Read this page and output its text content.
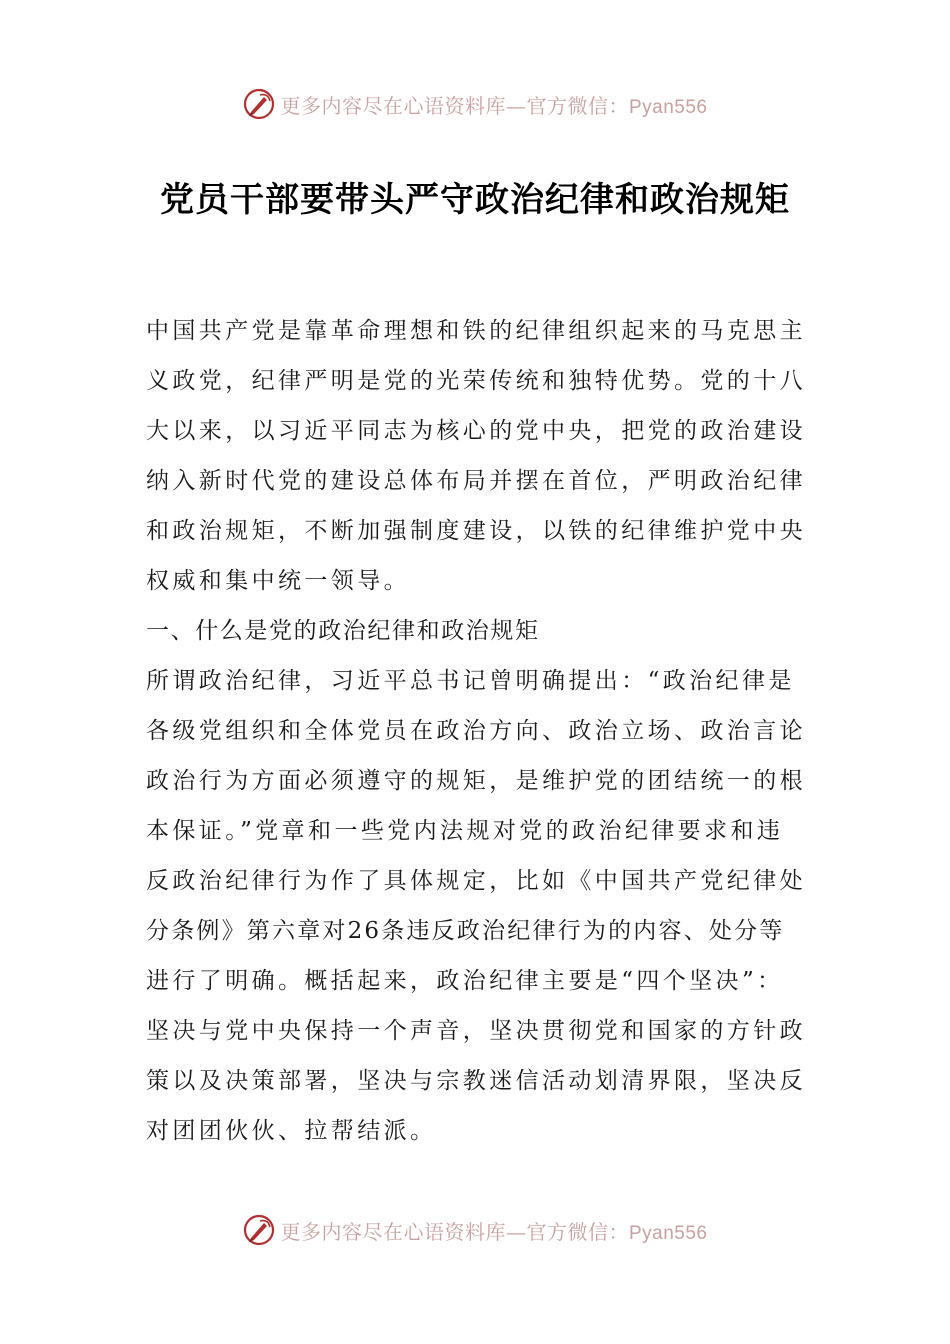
更多内容尽在心语资料库—官方微信：Pyan556
党员干部要带头严守政治纪律和政治规矩
中国共产党是靠革命理想和铁的纪律组织起来的马克思主
义政党，纪律严明是党的光荣传统和独特优势。党的十八
大以来，以习近平同志为核心的党中央，把党的政治建设
纳入新时代党的建设总体布局并摆在首位，严明政治纪律
和政治规矩，不断加强制度建设，以铁的纪律维护党中央
权威和集中统一领导。
一、什么是党的政治纪律和政治规矩
所谓政治纪律，习近平总书记曾明确提出：“政治纪律是
各级党组织和全体党员在政治方向、政治立场、政治言论
政治行为方面必须遵守的规矩，是维护党的团结统一的根
本保证。”党章和一些党内法规对党的政治纪律要求和违
反政治纪律行为作了具体规定，比如《中国共产党纪律处
分条例》第六章对26条违反政治纪律行为的内容、处分等
进行了明确。概括起来，政治纪律主要是“四个坚决”：
坚决与党中央保持一个声音，坚决贯彻党和国家的方针政
策以及决策部署，坚决与宗教迷信活动划清界限，坚决反
对团团伙伙、拉帮结派。
更多内容尽在心语资料库—官方微信：Pyan556
